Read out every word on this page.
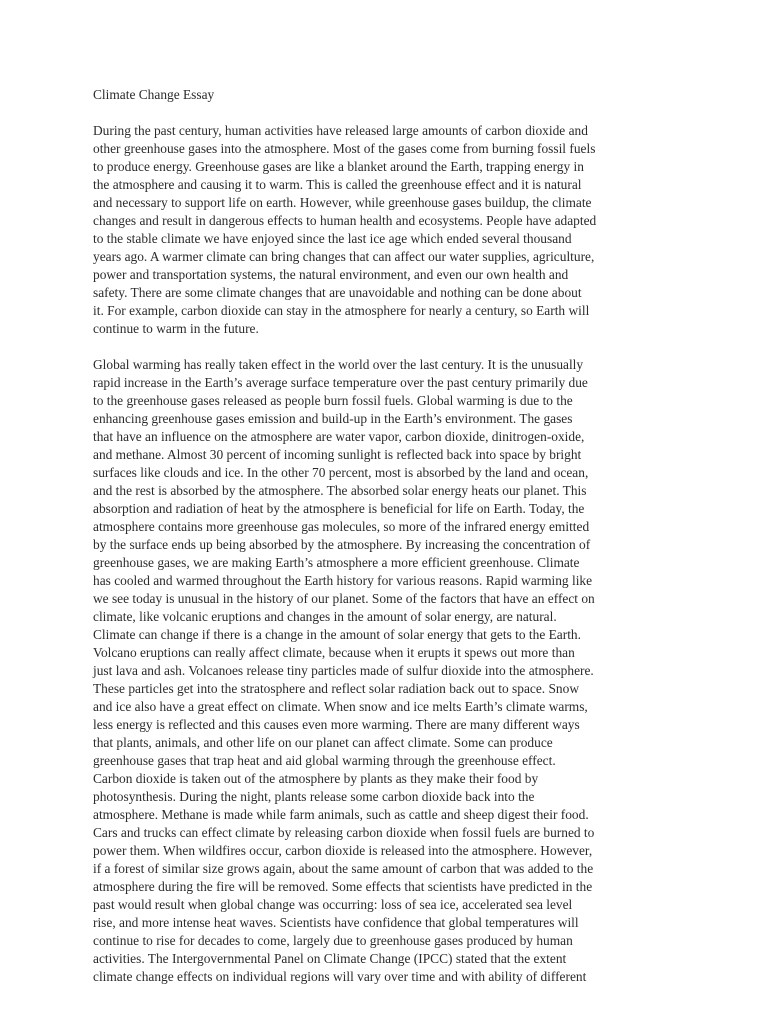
Climate Change Essay

During the past century, human activities have released large amounts of carbon dioxide and
other greenhouse gases into the atmosphere. Most of the gases come from burning fossil fuels
to produce energy. Greenhouse gases are like a blanket around the Earth, trapping energy in
the atmosphere and causing it to warm. This is called the greenhouse effect and it is natural
and necessary to support life on earth. However, while greenhouse gases buildup, the climate
changes and result in dangerous effects to human health and ecosystems. People have adapted
to the stable climate we have enjoyed since the last ice age which ended several thousand
years ago. A warmer climate can bring changes that can affect our water supplies, agriculture,
power and transportation systems, the natural environment, and even our own health and
safety. There are some climate changes that are unavoidable and nothing can be done about
it. For example, carbon dioxide can stay in the atmosphere for nearly a century, so Earth will
continue to warm in the future.

Global warming has really taken effect in the world over the last century. It is the unusually
rapid increase in the Earth’s average surface temperature over the past century primarily due
to the greenhouse gases released as people burn fossil fuels. Global warming is due to the
enhancing greenhouse gases emission and build-up in the Earth’s environment. The gases
that have an influence on the atmosphere are water vapor, carbon dioxide, dinitrogen-oxide,
and methane. Almost 30 percent of incoming sunlight is reflected back into space by bright
surfaces like clouds and ice. In the other 70 percent, most is absorbed by the land and ocean,
and the rest is absorbed by the atmosphere. The absorbed solar energy heats our planet. This
absorption and radiation of heat by the atmosphere is beneficial for life on Earth. Today, the
atmosphere contains more greenhouse gas molecules, so more of the infrared energy emitted
by the surface ends up being absorbed by the atmosphere. By increasing the concentration of
greenhouse gases, we are making Earth’s atmosphere a more efficient greenhouse. Climate
has cooled and warmed throughout the Earth history for various reasons. Rapid warming like
we see today is unusual in the history of our planet. Some of the factors that have an effect on
climate, like volcanic eruptions and changes in the amount of solar energy, are natural.
Climate can change if there is a change in the amount of solar energy that gets to the Earth.
Volcano eruptions can really affect climate, because when it erupts it spews out more than
just lava and ash. Volcanoes release tiny particles made of sulfur dioxide into the atmosphere.
These particles get into the stratosphere and reflect solar radiation back out to space. Snow
and ice also have a great effect on climate. When snow and ice melts Earth’s climate warms,
less energy is reflected and this causes even more warming. There are many different ways
that plants, animals, and other life on our planet can affect climate. Some can produce
greenhouse gases that trap heat and aid global warming through the greenhouse effect.
Carbon dioxide is taken out of the atmosphere by plants as they make their food by
photosynthesis. During the night, plants release some carbon dioxide back into the
atmosphere. Methane is made while farm animals, such as cattle and sheep digest their food.
Cars and trucks can effect climate by releasing carbon dioxide when fossil fuels are burned to
power them. When wildfires occur, carbon dioxide is released into the atmosphere. However,
if a forest of similar size grows again, about the same amount of carbon that was added to the
atmosphere during the fire will be removed. Some effects that scientists have predicted in the
past would result when global change was occurring: loss of sea ice, accelerated sea level
rise, and more intense heat waves. Scientists have confidence that global temperatures will
continue to rise for decades to come, largely due to greenhouse gases produced by human
activities. The Intergovernmental Panel on Climate Change (IPCC) stated that the extent
climate change effects on individual regions will vary over time and with ability of different
